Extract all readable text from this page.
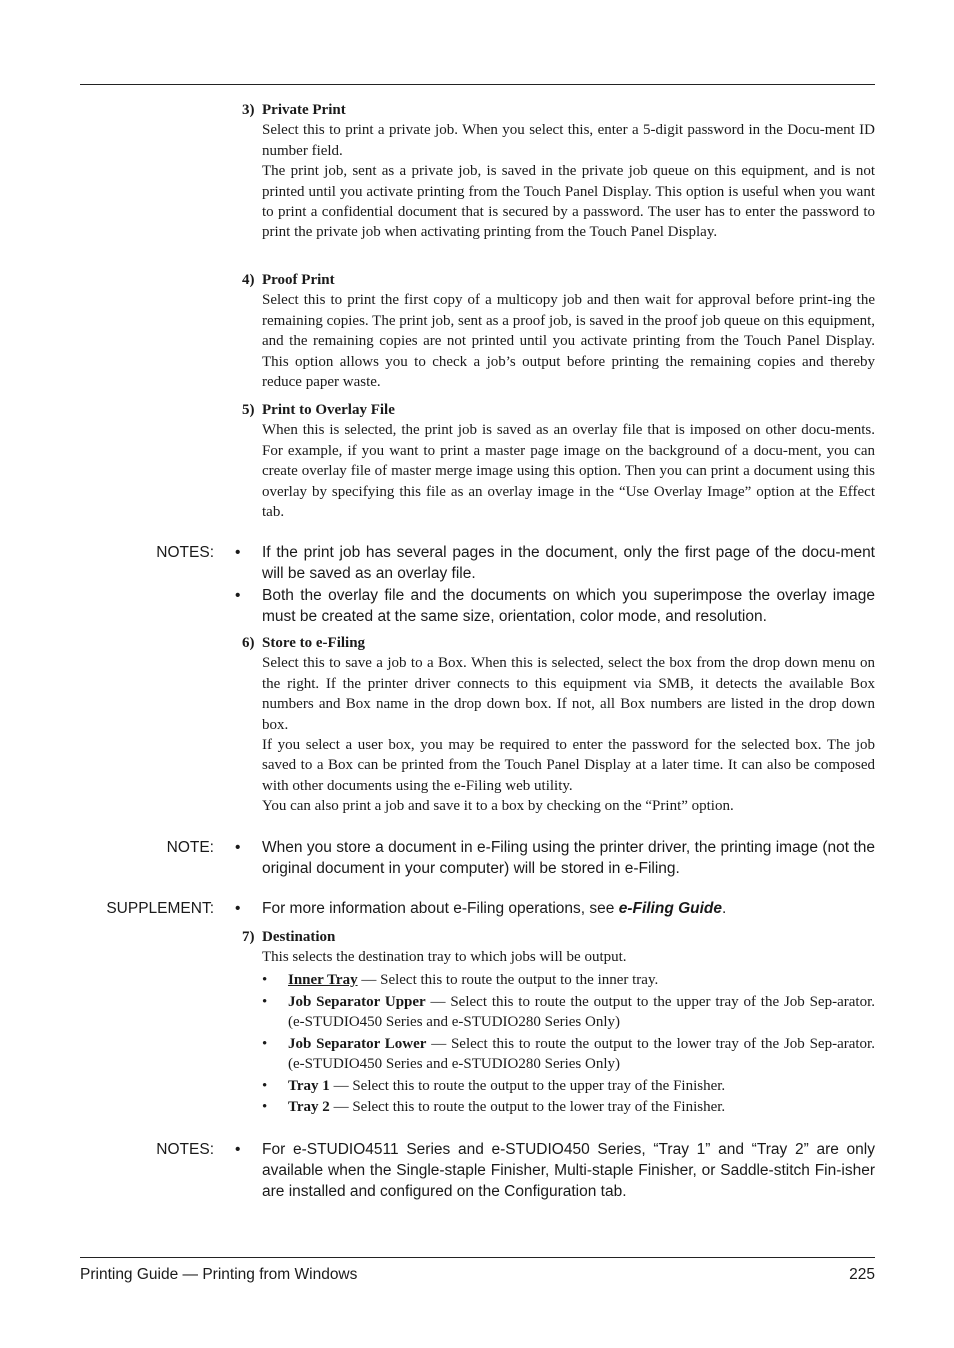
3) Private Print

Select this to print a private job. When you select this, enter a 5-digit password in the Docu-ment ID number field.

The print job, sent as a private job, is saved in the private job queue on this equipment, and is not printed until you activate printing from the Touch Panel Display. This option is useful when you want to print a confidential document that is secured by a password. The user has to enter the password to print the private job when activating printing from the Touch Panel Display.

4) Proof Print

Select this to print the first copy of a multicopy job and then wait for approval before print-ing the remaining copies. The print job, sent as a proof job, is saved in the proof job queue on this equipment, and the remaining copies are not printed until you activate printing from the Touch Panel Display. This option allows you to check a job’s output before printing the remaining copies and thereby reduce paper waste.

5) Print to Overlay File

When this is selected, the print job is saved as an overlay file that is imposed on other docu-ments. For example, if you want to print a master page image on the background of a docu-ment, you can create overlay file of master merge image using this option. Then you can print a document using this overlay by specifying this file as an overlay image in the “Use Overlay Image” option at the Effect tab.

NOTES: • If the print job has several pages in the document, only the first page of the docu-ment will be saved as an overlay file.
• Both the overlay file and the documents on which you superimpose the overlay image must be created at the same size, orientation, color mode, and resolution.

6) Store to e-Filing

Select this to save a job to a Box. When this is selected, select the box from the drop down menu on the right. If the printer driver connects to this equipment via SMB, it detects the available Box numbers and Box name in the drop down box. If not, all Box numbers are listed in the drop down box.

If you select a user box, you may be required to enter the password for the selected box. The job saved to a Box can be printed from the Touch Panel Display at a later time. It can also be composed with other documents using the e-Filing web utility.

You can also print a job and save it to a box by checking on the “Print” option.

NOTE: • When you store a document in e-Filing using the printer driver, the printing image (not the original document in your computer) will be stored in e-Filing.
SUPPLEMENT: • For more information about e-Filing operations, see e-Filing Guide.

7) Destination

This selects the destination tray to which jobs will be output.

• Inner Tray — Select this to route the output to the inner tray.
• Job Separator Upper — Select this to route the output to the upper tray of the Job Sep-arator. (e-STUDIO450 Series and e-STUDIO280 Series Only)
• Job Separator Lower — Select this to route the output to the lower tray of the Job Sep-arator. (e-STUDIO450 Series and e-STUDIO280 Series Only)
• Tray 1 — Select this to route the output to the upper tray of the Finisher.
• Tray 2 — Select this to route the output to the lower tray of the Finisher.
NOTES: • For e-STUDIO4511 Series and e-STUDIO450 Series, “Tray 1” and “Tray 2” are only available when the Single-staple Finisher, Multi-staple Finisher, or Saddle-stitch Fin-isher are installed and configured on the Configuration tab.
Printing Guide — Printing from Windows	225
